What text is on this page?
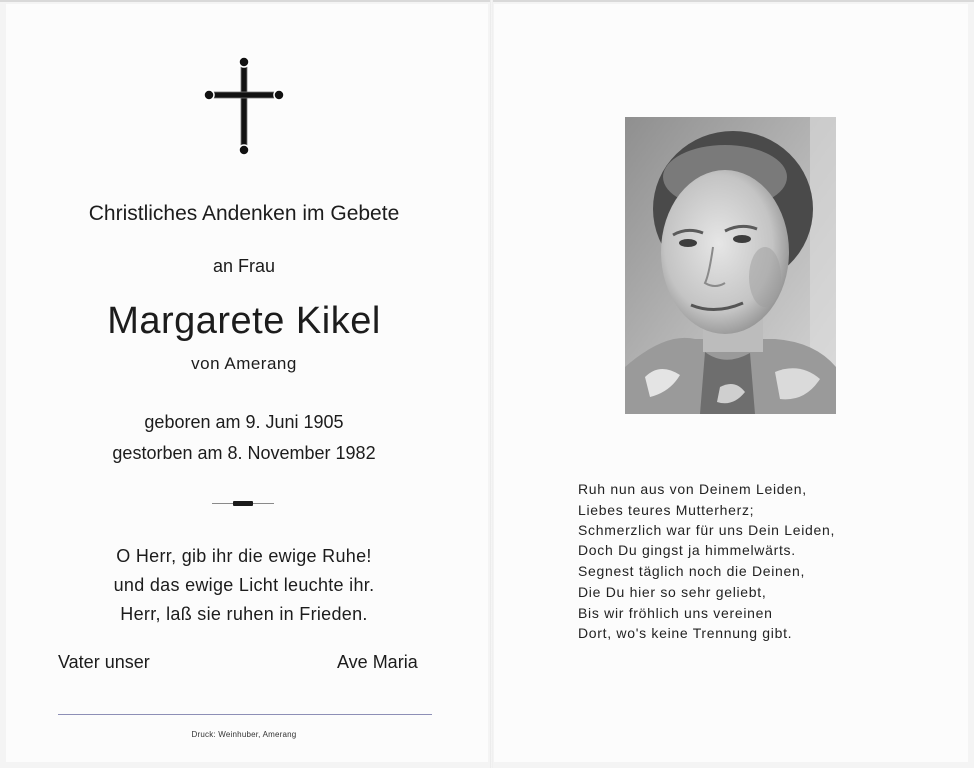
Christliches Andenken im Gebete
an Frau
Margarete Kikel
von Amerang
geboren am 9. Juni 1905
gestorben am 8. November 1982
O Herr, gib ihr die ewige Ruhe!
und das ewige Licht leuchte ihr.
Herr, laß sie ruhen in Frieden.
Vater unser	Ave Maria
Druck: Weinhuber, Amerang
Ruh nun aus von Deinem Leiden,
Liebes teures Mutterherz;
Schmerzlich war für uns Dein Leiden,
Doch Du gingst ja himmelwärts.
Segnest täglich noch die Deinen,
Die Du hier so sehr geliebt,
Bis wir fröhlich uns vereinen
Dort, wo's keine Trennung gibt.
